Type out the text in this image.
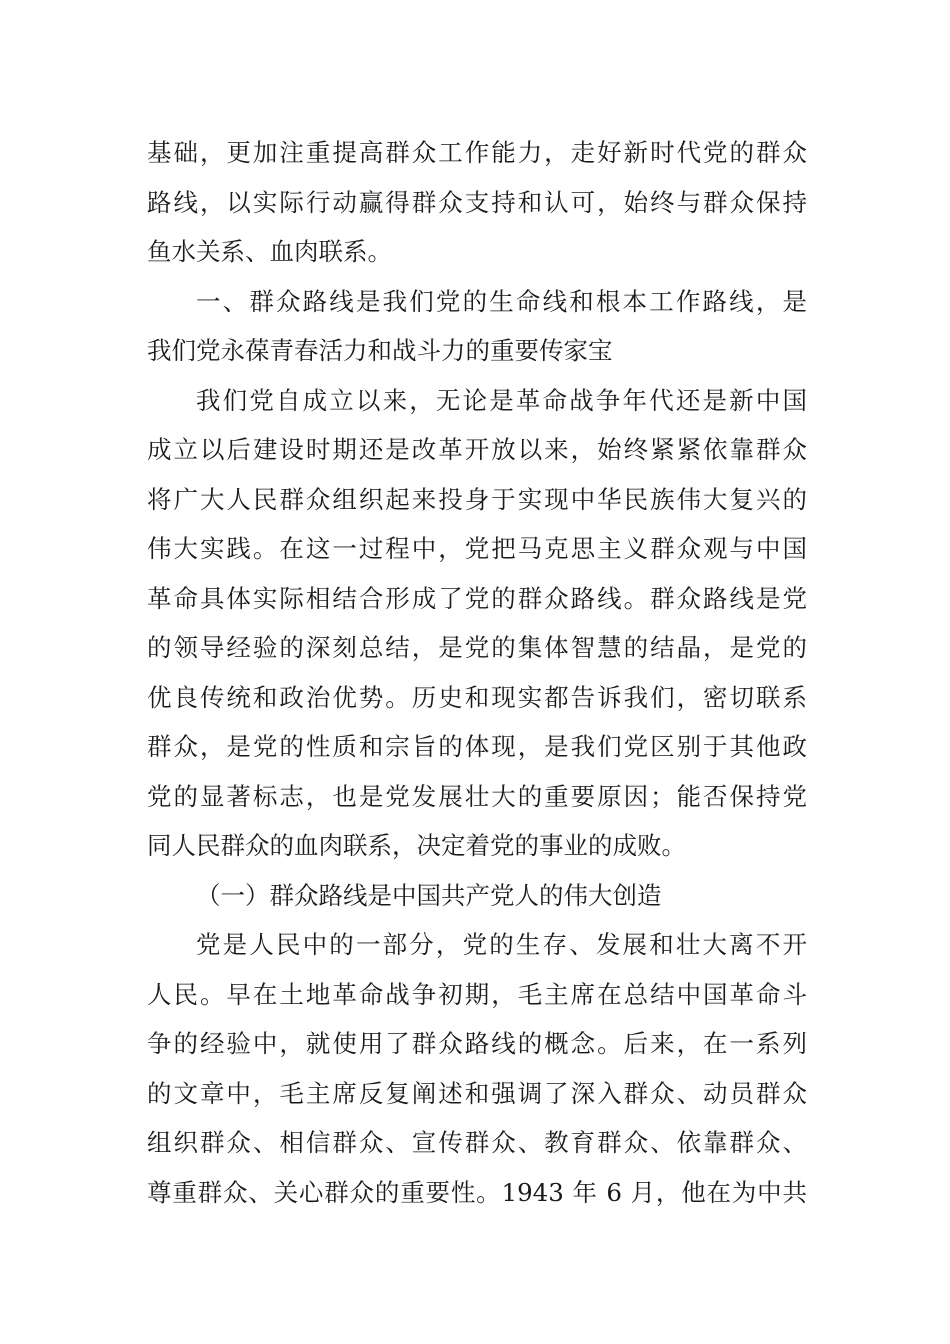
基础，更加注重提高群众工作能力，走好新时代党的群众
路线，以实际行动赢得群众支持和认可，始终与群众保持
鱼水关系、血肉联系。
一、群众路线是我们党的生命线和根本工作路线，是
我们党永葆青春活力和战斗力的重要传家宝
我们党自成立以来，无论是革命战争年代还是新中国
成立以后建设时期还是改革开放以来，始终紧紧依靠群众
将广大人民群众组织起来投身于实现中华民族伟大复兴的
伟大实践。在这一过程中，党把马克思主义群众观与中国
革命具体实际相结合形成了党的群众路线。群众路线是党
的领导经验的深刻总结，是党的集体智慧的结晶，是党的
优良传统和政治优势。历史和现实都告诉我们，密切联系
群众，是党的性质和宗旨的体现，是我们党区别于其他政
党的显著标志，也是党发展壮大的重要原因；能否保持党
同人民群众的血肉联系，决定着党的事业的成败。
（一）群众路线是中国共产党人的伟大创造
党是人民中的一部分，党的生存、发展和壮大离不开
人民。早在土地革命战争初期，毛主席在总结中国革命斗
争的经验中，就使用了群众路线的概念。后来，在一系列
的文章中，毛主席反复阐述和强调了深入群众、动员群众
组织群众、相信群众、宣传群众、教育群众、依靠群众、
尊重群众、关心群众的重要性。1943 年 6 月，他在为中共
